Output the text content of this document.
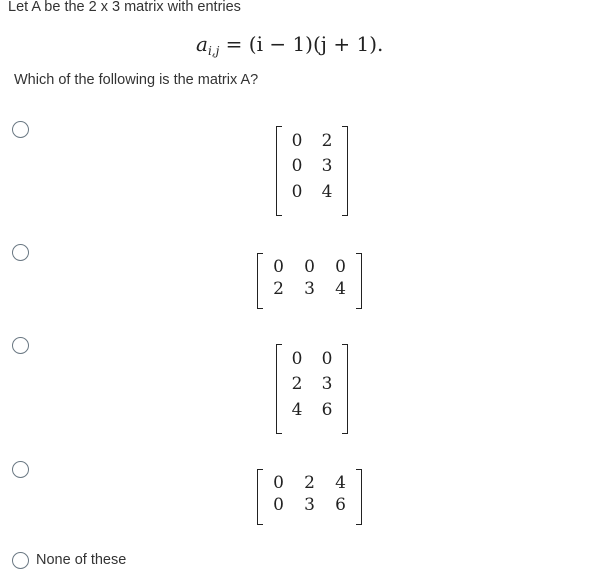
Let A be the 2 x 3 matrix with entries
$a_{i,j} = (i - 1)(j + 1)$.
Which of the following is the matrix A?
0	2
0	3
0	4
0	0	0
2	3	4
0	0
2	3
4	6
0	2	4
0	3	6
None of these
